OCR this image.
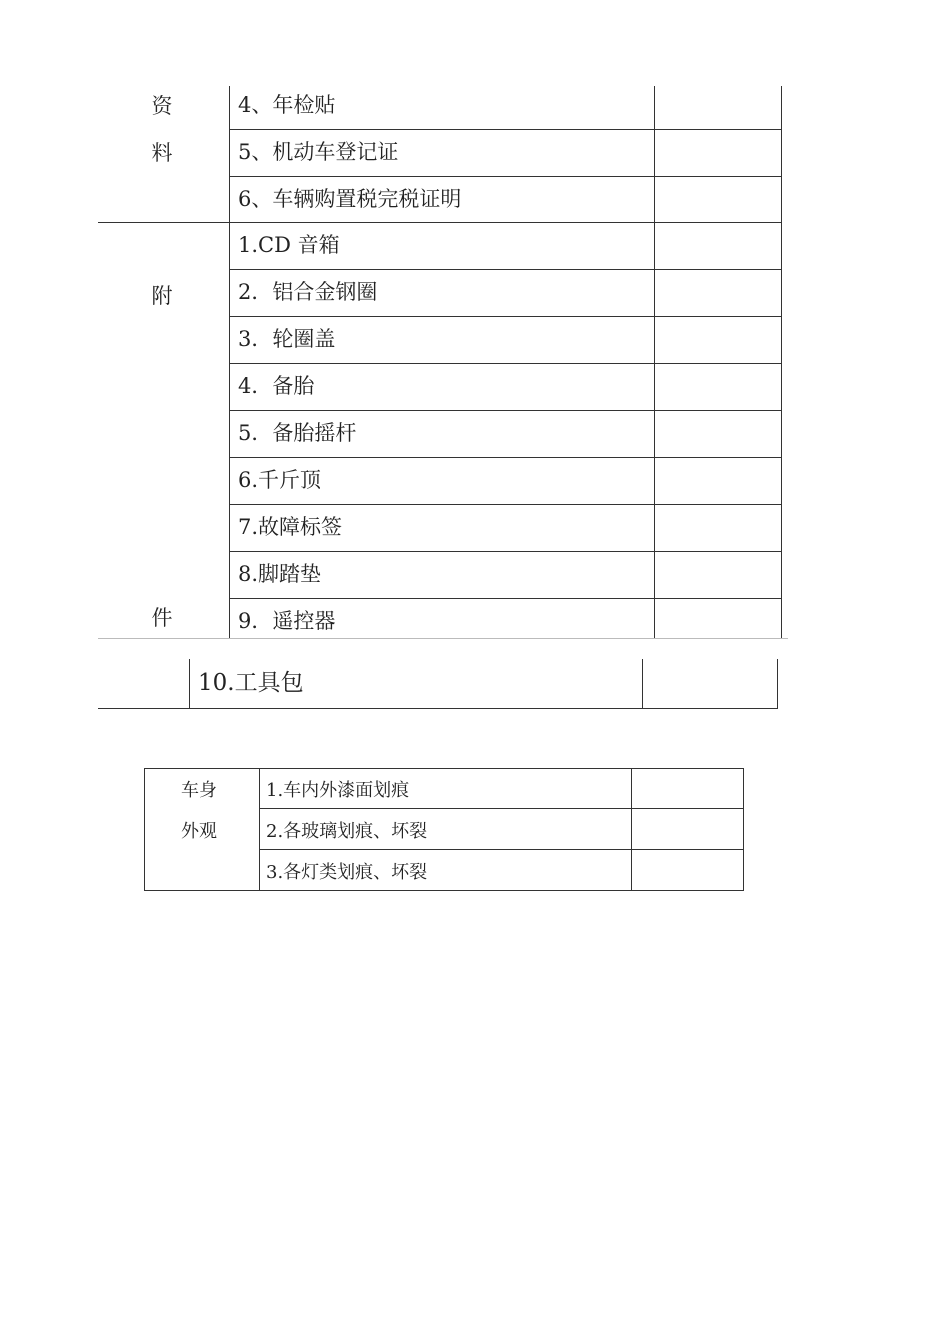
资
料
4、年检贴
5、机动车登记证
6、车辆购置税完税证明
附
件
1.CD 音箱
2．铝合金钢圈
3．轮圈盖
4．备胎
5．备胎摇杆
6.千斤顶
7.故障标签
8.脚踏垫
9．遥控器
10.工具包
车身
外观
1.车内外漆面划痕
2.各玻璃划痕、坏裂
3.各灯类划痕、坏裂
